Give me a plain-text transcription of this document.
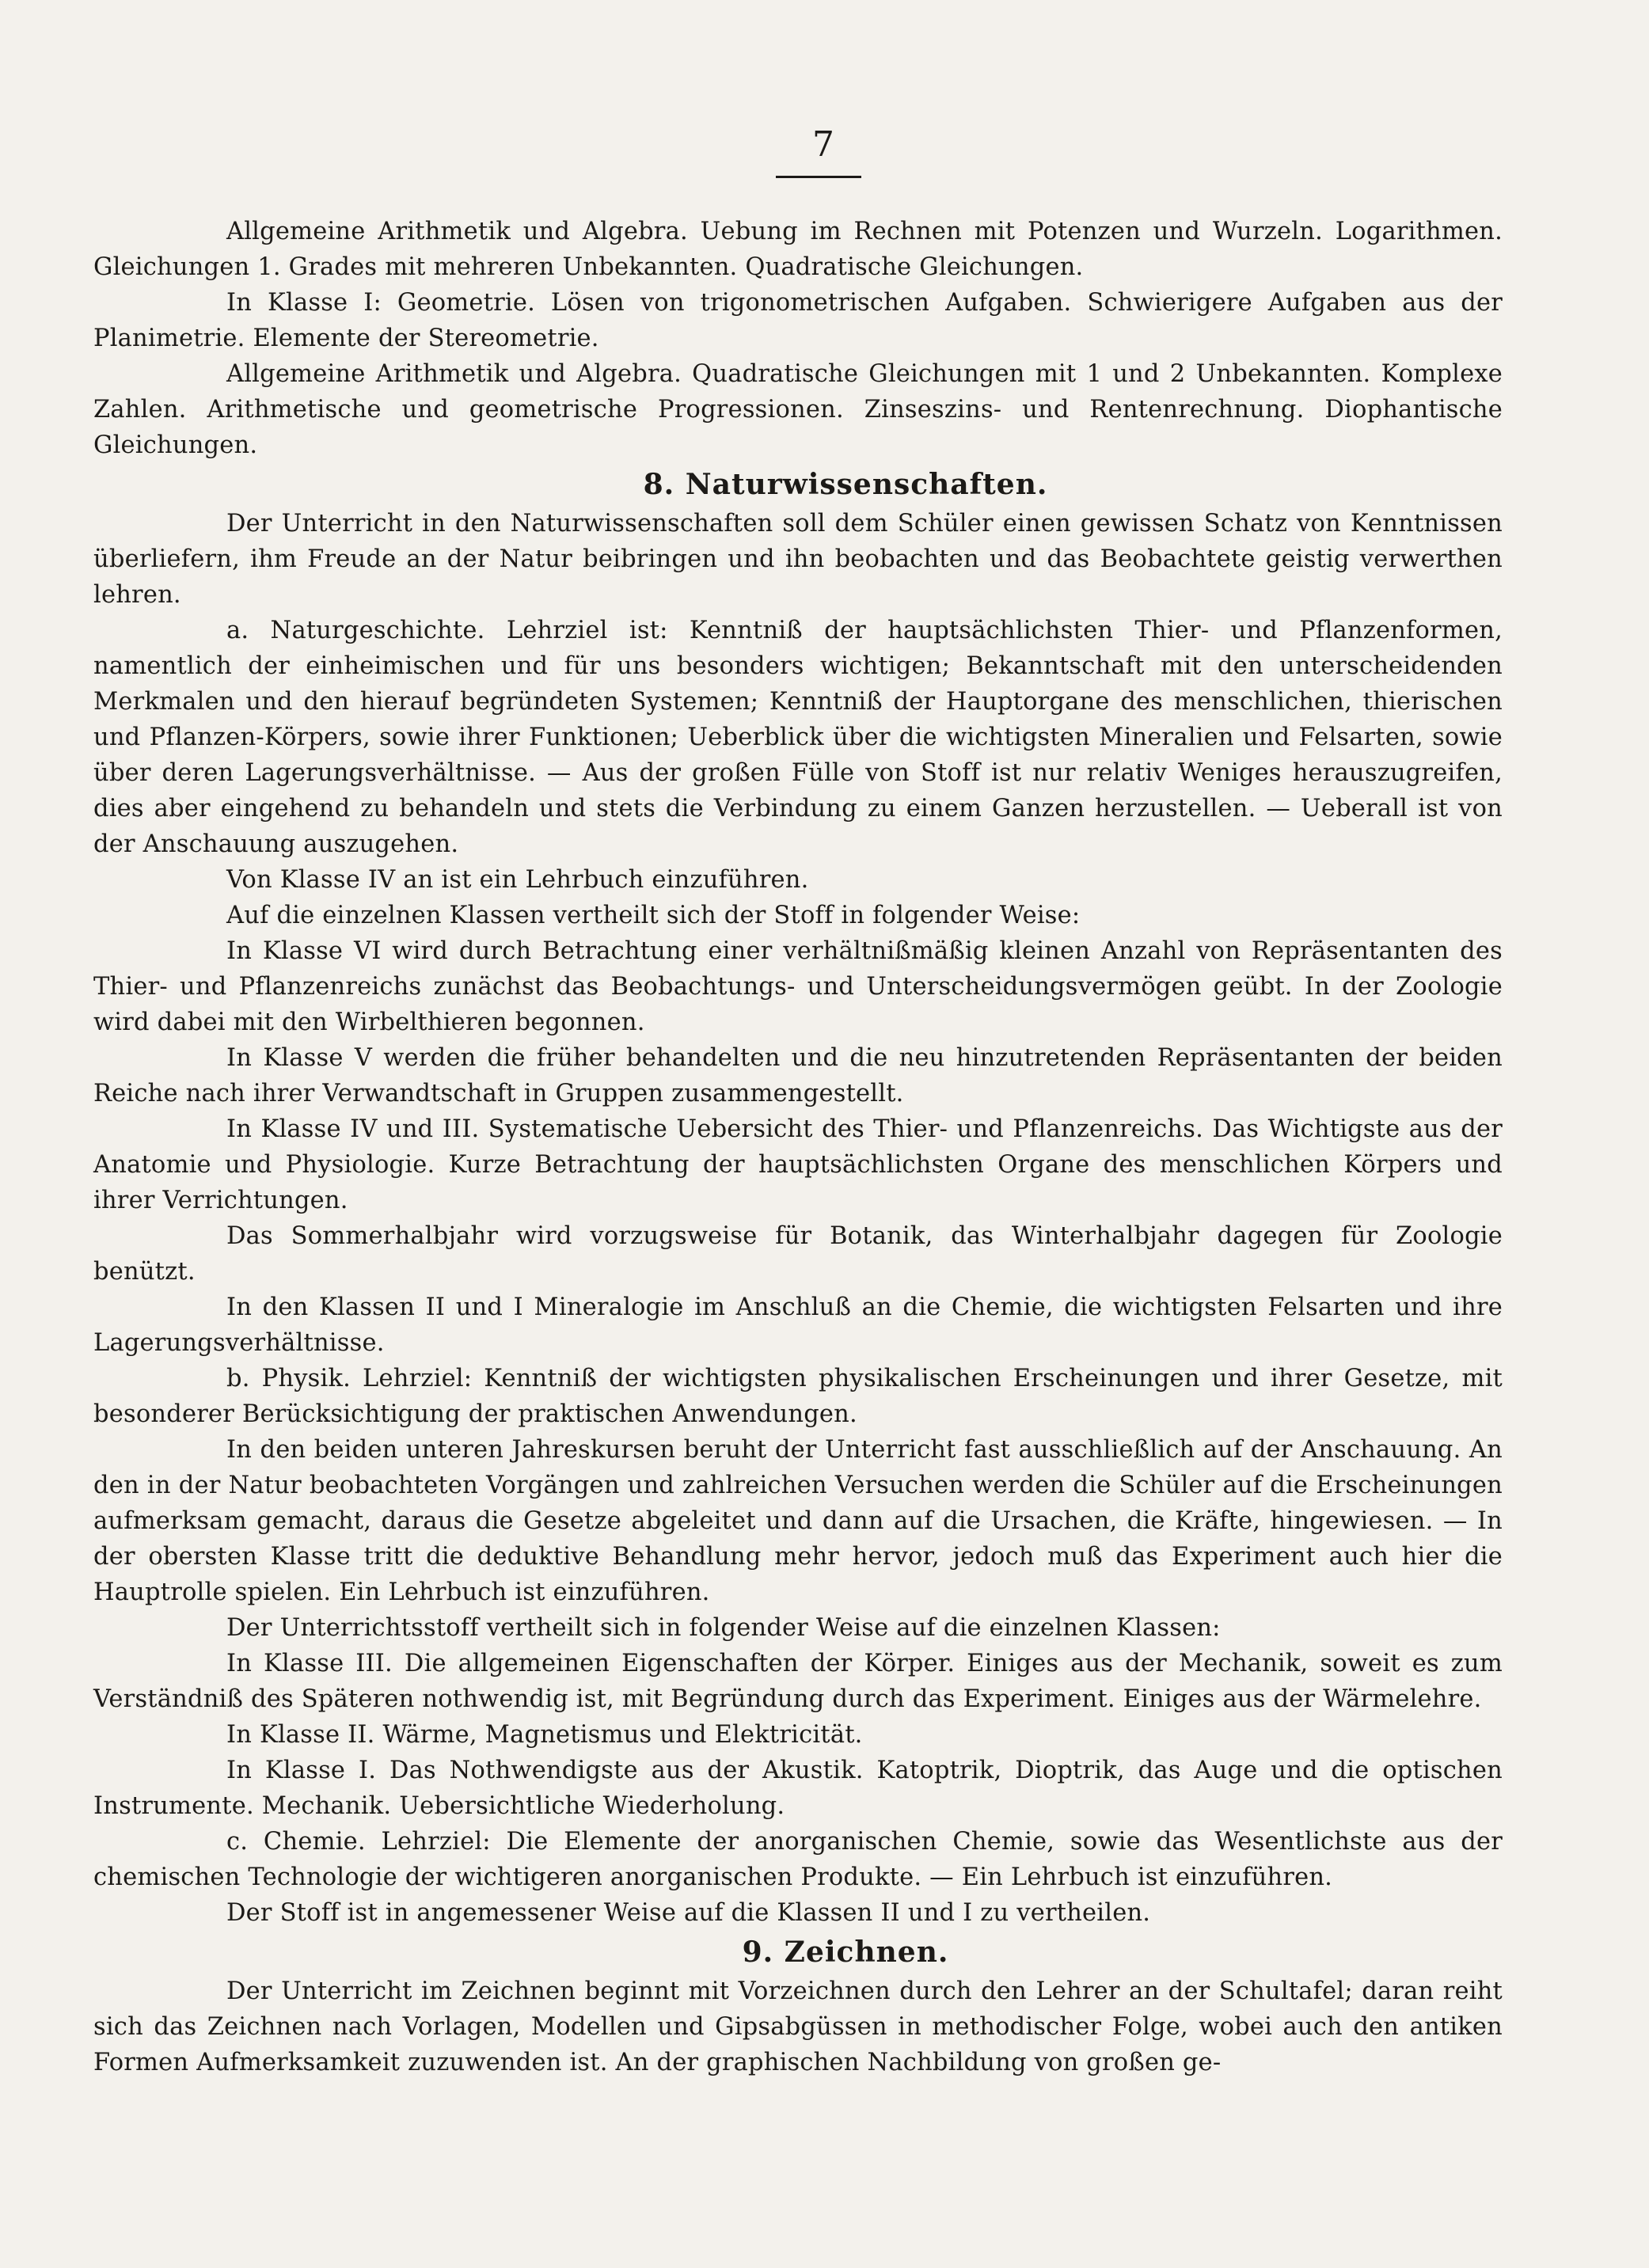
7

Allgemeine Arithmetik und Algebra. Uebung im Rechnen mit Potenzen und Wurzeln. Logarithmen. Gleichungen 1. Grades mit mehreren Unbekannten. Quadratische Gleichungen.

In Klasse I: Geometrie. Lösen von trigonometrischen Aufgaben. Schwierigere Aufgaben aus der Planimetrie. Elemente der Stereometrie.

Allgemeine Arithmetik und Algebra. Quadratische Gleichungen mit 1 und 2 Unbekannten. Komplexe Zahlen. Arithmetische und geometrische Progressionen. Zinseszins- und Rentenrechnung. Diophantische Gleichungen.

8. Naturwissenschaften.

Der Unterricht in den Naturwissenschaften soll dem Schüler einen gewissen Schatz von Kenntnissen überliefern, ihm Freude an der Natur beibringen und ihn beobachten und das Beobachtete geistig verwerthen lehren.

a. Naturgeschichte. Lehrziel ist: Kenntniß der hauptsächlichsten Thier- und Pflanzenformen, namentlich der einheimischen und für uns besonders wichtigen; Bekanntschaft mit den unterscheidenden Merkmalen und den hierauf begründeten Systemen; Kenntniß der Hauptorgane des menschlichen, thierischen und Pflanzen-Körpers, sowie ihrer Funktionen; Ueberblick über die wichtigsten Mineralien und Felsarten, sowie über deren Lagerungsverhältnisse. — Aus der großen Fülle von Stoff ist nur relativ Weniges herauszugreifen, dies aber eingehend zu behandeln und stets die Verbindung zu einem Ganzen herzustellen. — Ueberall ist von der Anschauung auszugehen.

Von Klasse IV an ist ein Lehrbuch einzuführen.

Auf die einzelnen Klassen vertheilt sich der Stoff in folgender Weise:

In Klasse VI wird durch Betrachtung einer verhältnißmäßig kleinen Anzahl von Repräsentanten des Thier- und Pflanzenreichs zunächst das Beobachtungs- und Unterscheidungsvermögen geübt. In der Zoologie wird dabei mit den Wirbelthieren begonnen.

In Klasse V werden die früher behandelten und die neu hinzutretenden Repräsentanten der beiden Reiche nach ihrer Verwandtschaft in Gruppen zusammengestellt.

In Klasse IV und III. Systematische Uebersicht des Thier- und Pflanzenreichs. Das Wichtigste aus der Anatomie und Physiologie. Kurze Betrachtung der hauptsächlichsten Organe des menschlichen Körpers und ihrer Verrichtungen.

Das Sommerhalbjahr wird vorzugsweise für Botanik, das Winterhalbjahr dagegen für Zoologie benützt.

In den Klassen II und I Mineralogie im Anschluß an die Chemie, die wichtigsten Felsarten und ihre Lagerungsverhältnisse.

b. Physik. Lehrziel: Kenntniß der wichtigsten physikalischen Erscheinungen und ihrer Gesetze, mit besonderer Berücksichtigung der praktischen Anwendungen.

In den beiden unteren Jahreskursen beruht der Unterricht fast ausschließlich auf der Anschauung. An den in der Natur beobachteten Vorgängen und zahlreichen Versuchen werden die Schüler auf die Erscheinungen aufmerksam gemacht, daraus die Gesetze abgeleitet und dann auf die Ursachen, die Kräfte, hingewiesen. — In der obersten Klasse tritt die deduktive Behandlung mehr hervor, jedoch muß das Experiment auch hier die Hauptrolle spielen. Ein Lehrbuch ist einzuführen.

Der Unterrichtsstoff vertheilt sich in folgender Weise auf die einzelnen Klassen:

In Klasse III. Die allgemeinen Eigenschaften der Körper. Einiges aus der Mechanik, soweit es zum Verständniß des Späteren nothwendig ist, mit Begründung durch das Experiment. Einiges aus der Wärmelehre.

In Klasse II. Wärme, Magnetismus und Elektricität.

In Klasse I. Das Nothwendigste aus der Akustik. Katoptrik, Dioptrik, das Auge und die optischen Instrumente. Mechanik. Uebersichtliche Wiederholung.

c. Chemie. Lehrziel: Die Elemente der anorganischen Chemie, sowie das Wesentlichste aus der chemischen Technologie der wichtigeren anorganischen Produkte. — Ein Lehrbuch ist einzuführen.

Der Stoff ist in angemessener Weise auf die Klassen II und I zu vertheilen.

9. Zeichnen.

Der Unterricht im Zeichnen beginnt mit Vorzeichnen durch den Lehrer an der Schultafel; daran reiht sich das Zeichnen nach Vorlagen, Modellen und Gipsabgüssen in methodischer Folge, wobei auch den antiken Formen Aufmerksamkeit zuzuwenden ist. An der graphischen Nachbildung von großen ge-
